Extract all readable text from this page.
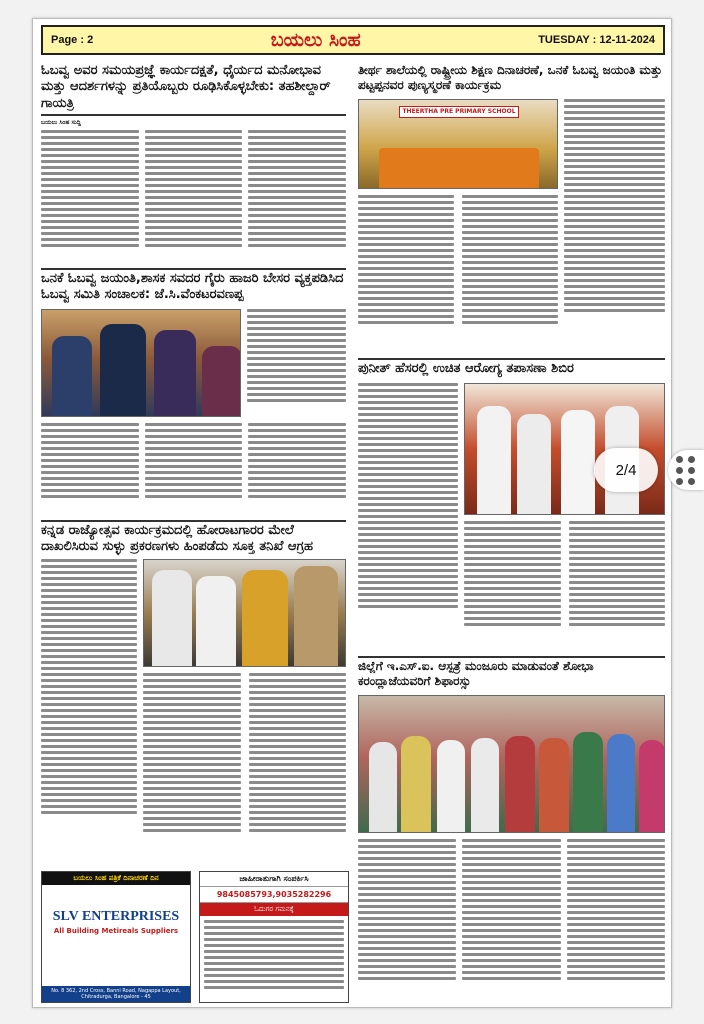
Page : 2	ಬಯಲು ಸಿಂಹ	TUESDAY : 12-11-2024
ಓಬವ್ವ ಅವರ ಸಮಯಪ್ರಜ್ಞೆ ಕಾರ್ಯದಕ್ಷತೆ, ಧೈರ್ಯದ ಮನೋಭಾವ ಮತ್ತು ಆದರ್ಶಗಳನ್ನು ಪ್ರತಿಯೊಬ್ಬರು ರೂಢಿಸಿಕೊಳ್ಳಬೇಕು: ತಹಶೀಲ್ದಾರ್ ಗಾಯತ್ರಿ
ಬಯಲು ಸಿಂಹ ಸುದ್ದಿ
ಒನಕೆ ಓಬವ್ವ ಜಯಂತಿ,ಶಾಸಕ ಸವದರ ಗೈರು ಹಾಜರಿ ಬೇಸರ ವ್ಯಕ್ತಪಡಿಸಿದ ಓಬವ್ವ ಸಮಿತಿ ಸಂಚಾಲಕ: ಜೆ.ಸಿ.ವೆಂಕಟರವಣಪ್ಪ
ಕನ್ನಡ ರಾಜ್ಯೋತ್ಸವ ಕಾರ್ಯಕ್ರಮದಲ್ಲಿ ಹೋರಾಟಗಾರರ ಮೇಲೆ ದಾಖಲಿಸಿರುವ ಸುಳ್ಳು ಪ್ರಕರಣಗಳು ಹಿಂಪಡೆದು ಸೂಕ್ತ ತನಿಖೆ ಆಗ್ರಹ
ತೀರ್ಥ ಶಾಲೆಯಲ್ಲಿ ರಾಷ್ಟ್ರೀಯ ಶಿಕ್ಷಣ ದಿನಾಚರಣೆ, ಒನಕೆ ಓಬವ್ವ ಜಯಂತಿ ಮತ್ತು ಪಟ್ಟಪ್ಪನವರ ಪುಣ್ಯಸ್ಮರಣೆ ಕಾರ್ಯಕ್ರಮ
THEERTHA PRE PRIMARY SCHOOL
ಪುನೀತ್ ಹೆಸರಲ್ಲಿ ಉಚಿತ ಆರೋಗ್ಯ ತಪಾಸಣಾ ಶಿಬಿರ
ಜಿಲ್ಲೆಗೆ ಇ.ಎಸ್.ಐ. ಆಸ್ಪತ್ರೆ ಮಂಜೂರು ಮಾಡುವಂತೆ ಶೋಭಾ ಕರಂದ್ಲಾಜೆಯವರಿಗೆ ಶಿಫಾರಸ್ಸು
ಬಯಲು ಸಿಂಹ ಪತ್ರಿಕೆ ದಿನಾಚರಣೆ ದಿನ
SLV ENTERPRISES
All Building Metireals Suppliers
No. 8 362, 2nd Cross, Banni Road, Nagappa Layout, Chitradurga, Bangalore - 45
ಜಾಹೀರಾತುಗಾಗಿ ಸಂಪರ್ಕಿಸಿ
9845085793,9035282296
ಓದುಗರ ಗಮನಕ್ಕೆ
2/4
